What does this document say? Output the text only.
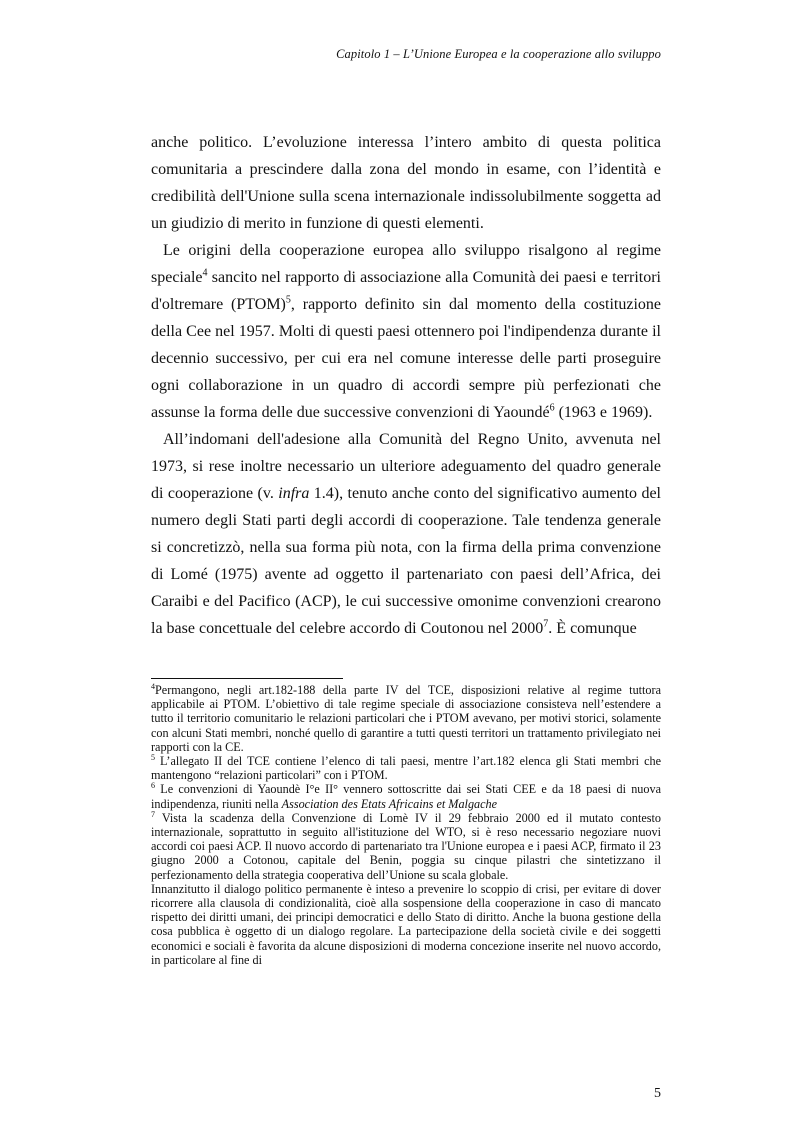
Capitolo 1 – L’Unione Europea e la cooperazione allo sviluppo

anche politico. L’evoluzione interessa l’intero ambito di questa politica comunitaria a prescindere dalla zona del mondo in esame, con l’identità e credibilità dell'Unione sulla scena internazionale indissolubilmente soggetta ad un giudizio di merito in funzione di questi elementi.

Le origini della cooperazione europea allo sviluppo risalgono al regime speciale$^4$ sancito nel rapporto di associazione alla Comunità dei paesi e territori d'oltremare (PTOM)$^5$, rapporto definito sin dal momento della costituzione della Cee nel 1957. Molti di questi paesi ottennero poi l'indipendenza durante il decennio successivo, per cui era nel comune interesse delle parti proseguire ogni collaborazione in un quadro di accordi sempre più perfezionati che assunse la forma delle due successive convenzioni di Yaoundé$^6$ (1963 e 1969).

All’indomani dell'adesione alla Comunità del Regno Unito, avvenuta nel 1973, si rese inoltre necessario un ulteriore adeguamento del quadro generale di cooperazione (v. infra 1.4), tenuto anche conto del significativo aumento del numero degli Stati parti degli accordi di cooperazione. Tale tendenza generale si concretizzò, nella sua forma più nota, con la firma della prima convenzione di Lomé (1975) avente ad oggetto il partenariato con paesi dell’Africa, dei Caraibi e del Pacifico (ACP), le cui successive omonime convenzioni crearono la base concettuale del celebre accordo di Coutonou nel 2000$^7$. È comunque

$^4$Permangono, negli art.182-188 della parte IV del TCE, disposizioni relative al regime tuttora applicabile ai PTOM. L’obiettivo di tale regime speciale di associazione consisteva nell’estendere a tutto il territorio comunitario le relazioni particolari che i PTOM avevano, per motivi storici, solamente con alcuni Stati membri, nonché quello di garantire a tutti questi territori un trattamento privilegiato nei rapporti con la CE.

$^5$ L’allegato II del TCE contiene l’elenco di tali paesi, mentre l’art.182 elenca gli Stati membri che mantengono “relazioni particolari” con i PTOM.

$^6$ Le convenzioni di Yaoundè I°e II° vennero sottoscritte dai sei Stati CEE e da 18 paesi di nuova indipendenza, riuniti nella Association des Etats Africains et Malgache

$^7$ Vista la scadenza della Convenzione di Lomè IV il 29 febbraio 2000 ed il mutato contesto internazionale, soprattutto in seguito all'istituzione del WTO, si è reso necessario negoziare nuovi accordi coi paesi ACP. Il nuovo accordo di partenariato tra l'Unione europea e i paesi ACP, firmato il 23 giugno 2000 a Cotonou, capitale del Benin, poggia su cinque pilastri che sintetizzano il perfezionamento della strategia cooperativa dell’Unione su scala globale.

Innanzitutto il dialogo politico permanente è inteso a prevenire lo scoppio di crisi, per evitare di dover ricorrere alla clausola di condizionalità, cioè alla sospensione della cooperazione in caso di mancato rispetto dei diritti umani, dei principi democratici e dello Stato di diritto. Anche la buona gestione della cosa pubblica è oggetto di un dialogo regolare. La partecipazione della società civile e dei soggetti economici e sociali è favorita da alcune disposizioni di moderna concezione inserite nel nuovo accordo, in particolare al fine di

5
